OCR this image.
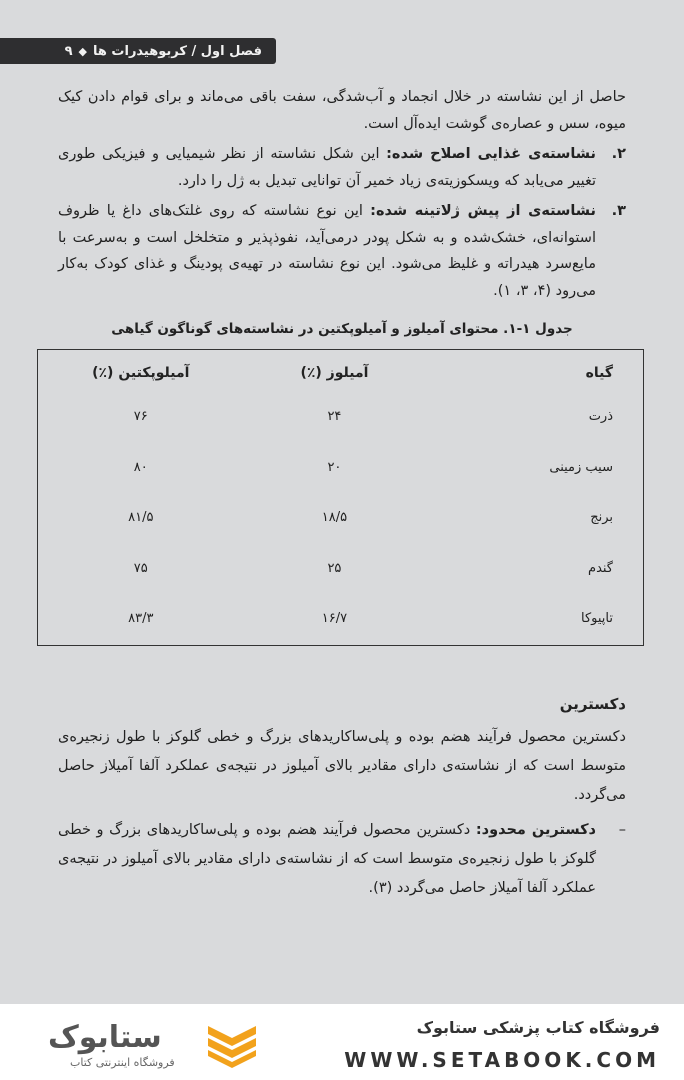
فصل اول / کربوهیدرات ها
◆
۹

حاصل از این نشاسته در خلال انجماد و آب‌شدگی، سفت باقی می‌ماند و برای قوام دادن کیک میوه، سس و عصاره‌ی گوشت ایده‌آل است.

۲.
نشاسته‌ی غذایی اصلاح شده: این شکل نشاسته از نظر شیمیایی و فیزیکی طوری تغییر می‌یابد که ویسکوزیته‌ی زیاد خمیر آن توانایی تبدیل به ژل را دارد.
۳.
نشاسته‌ی از پیش ژلاتینه شده: این نوع نشاسته که روی غلتک‌های داغ یا ظروف استوانه‌ای، خشک‌شده و به شکل پودر درمی‌آید، نفوذپذیر و متخلخل است و به‌سرعت با مایع‌سرد هیدراته و غلیظ می‌شود. این نوع نشاسته در تهیه‌ی پودینگ و غذای کودک به‌کار می‌رود (۴، ۳، ۱).
جدول ۱-۱. محتوای آمیلوز و آمیلوپکتین در نشاسته‌های گوناگون گیاهی
گیاه	آمیلوز (٪)	آمیلوپکتین (٪)
ذرت	۲۴	۷۶
سیب زمینی	۲۰	۸۰
برنج	۱۸/۵	۸۱/۵
گندم	۲۵	۷۵
تاپیوکا	۱۶/۷	۸۳/۳
دکسترین

دکسترین محصول فرآیند هضم بوده و پلی‌ساکاریدهای بزرگ و خطی گلوکز با طول زنجیره‌ی متوسط است که از نشاسته‌ی دارای مقادیر بالای آمیلوز در نتیجه‌ی عملکرد آلفا آمیلاز حاصل می‌گردد.

–
دکسترین محدود: دکسترین محصول فرآیند هضم بوده و پلی‌ساکاریدهای بزرگ و خطی گلوکز با طول زنجیره‌ی متوسط است که از نشاسته‌ی دارای مقادیر بالای آمیلوز در نتیجه‌ی عملکرد آلفا آمیلاز حاصل می‌گردد (۳).
ستابوک
فروشگاه اینترنتی کتاب
فروشگاه کتاب پزشکی ستابوک
WWW.SETABOOK.COM
